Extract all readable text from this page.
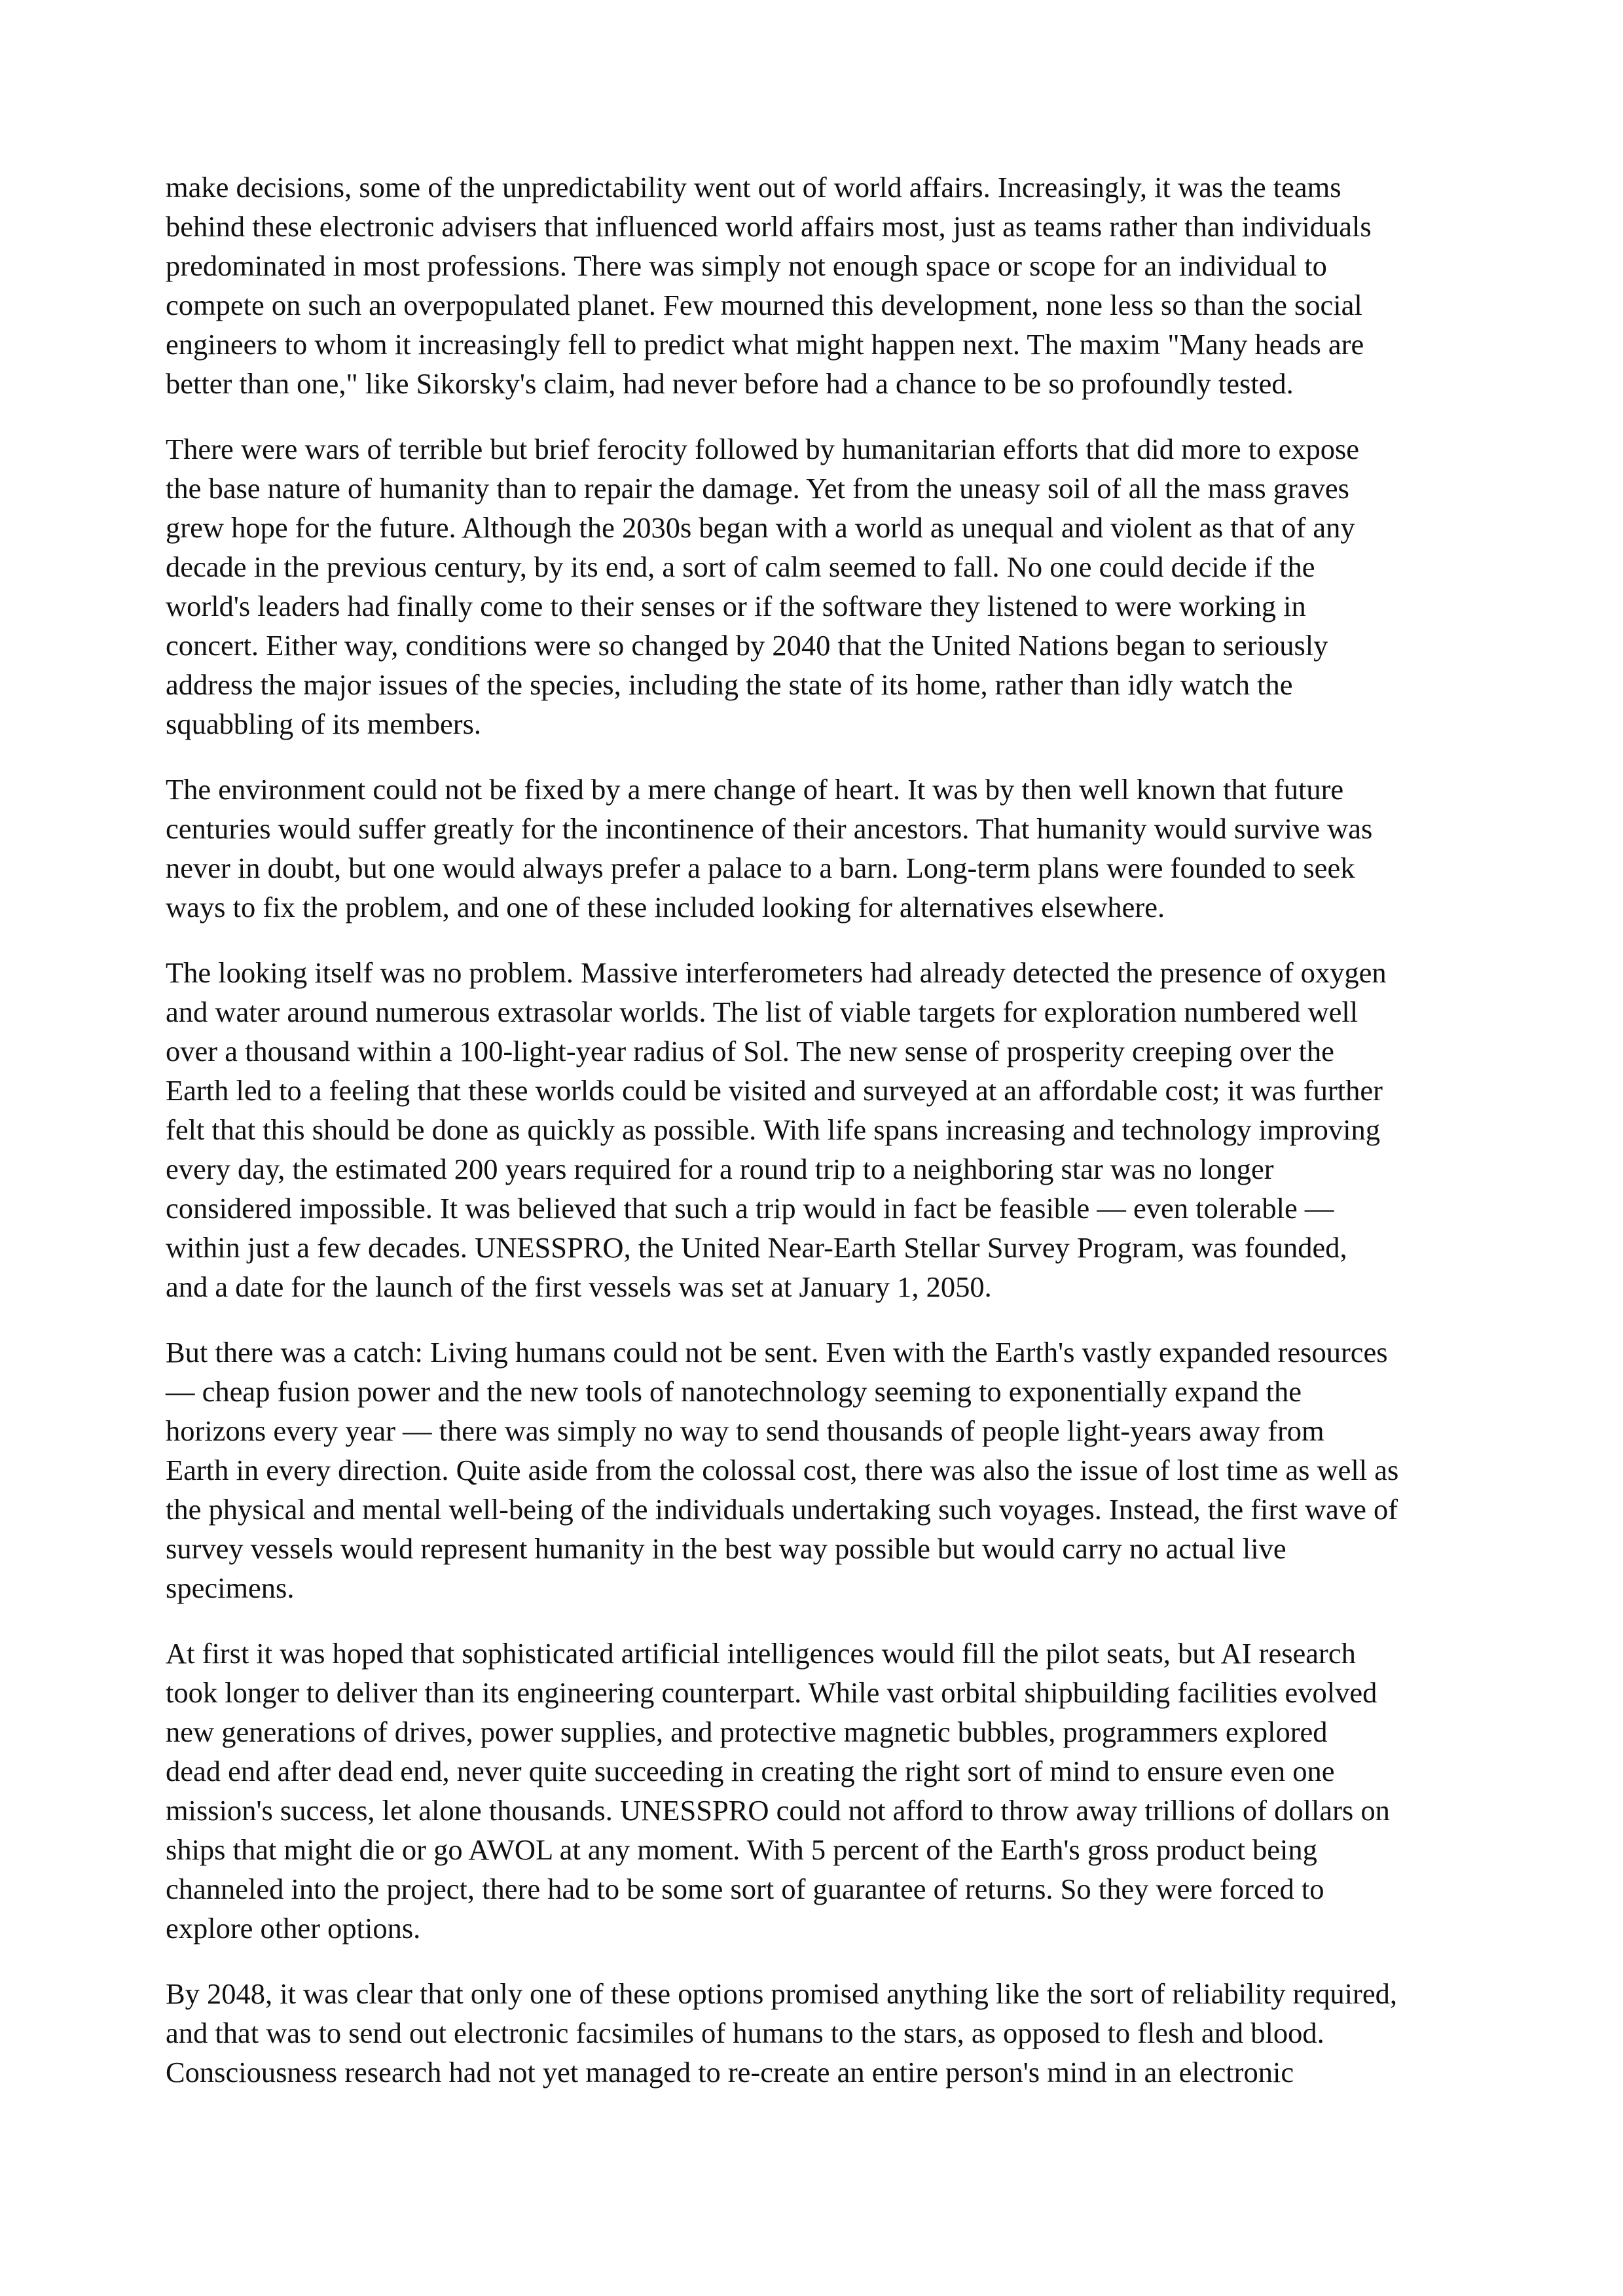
make decisions, some of the unpredictability went out of world affairs. Increasingly, it was the teams
behind these electronic advisers that influenced world affairs most, just as teams rather than individuals
predominated in most professions. There was simply not enough space or scope for an individual to
compete on such an overpopulated planet. Few mourned this development, none less so than the social
engineers to whom it increasingly fell to predict what might happen next. The maxim "Many heads are
better than one," like Sikorsky's claim, had never before had a chance to be so profoundly tested.

There were wars of terrible but brief ferocity followed by humanitarian efforts that did more to expose
the base nature of humanity than to repair the damage. Yet from the uneasy soil of all the mass graves
grew hope for the future. Although the 2030s began with a world as unequal and violent as that of any
decade in the previous century, by its end, a sort of calm seemed to fall. No one could decide if the
world's leaders had finally come to their senses or if the software they listened to were working in
concert. Either way, conditions were so changed by 2040 that the United Nations began to seriously
address the major issues of the species, including the state of its home, rather than idly watch the
squabbling of its members.

The environment could not be fixed by a mere change of heart. It was by then well known that future
centuries would suffer greatly for the incontinence of their ancestors. That humanity would survive was
never in doubt, but one would always prefer a palace to a barn. Long-term plans were founded to seek
ways to fix the problem, and one of these included looking for alternatives elsewhere.

The looking itself was no problem. Massive interferometers had already detected the presence of oxygen
and water around numerous extrasolar worlds. The list of viable targets for exploration numbered well
over a thousand within a 100-light-year radius of Sol. The new sense of prosperity creeping over the
Earth led to a feeling that these worlds could be visited and surveyed at an affordable cost; it was further
felt that this should be done as quickly as possible. With life spans increasing and technology improving
every day, the estimated 200 years required for a round trip to a neighboring star was no longer
considered impossible. It was believed that such a trip would in fact be feasible — even tolerable —
within just a few decades. UNESSPRO, the United Near-Earth Stellar Survey Program, was founded,
and a date for the launch of the first vessels was set at January 1, 2050.

But there was a catch: Living humans could not be sent. Even with the Earth's vastly expanded resources
— cheap fusion power and the new tools of nanotechnology seeming to exponentially expand the
horizons every year — there was simply no way to send thousands of people light-years away from
Earth in every direction. Quite aside from the colossal cost, there was also the issue of lost time as well as
the physical and mental well-being of the individuals undertaking such voyages. Instead, the first wave of
survey vessels would represent humanity in the best way possible but would carry no actual live
specimens.

At first it was hoped that sophisticated artificial intelligences would fill the pilot seats, but AI research
took longer to deliver than its engineering counterpart. While vast orbital shipbuilding facilities evolved
new generations of drives, power supplies, and protective magnetic bubbles, programmers explored
dead end after dead end, never quite succeeding in creating the right sort of mind to ensure even one
mission's success, let alone thousands. UNESSPRO could not afford to throw away trillions of dollars on
ships that might die or go AWOL at any moment. With 5 percent of the Earth's gross product being
channeled into the project, there had to be some sort of guarantee of returns. So they were forced to
explore other options.

By 2048, it was clear that only one of these options promised anything like the sort of reliability required,
and that was to send out electronic facsimiles of humans to the stars, as opposed to flesh and blood.
Consciousness research had not yet managed to re-create an entire person's mind in an electronic
